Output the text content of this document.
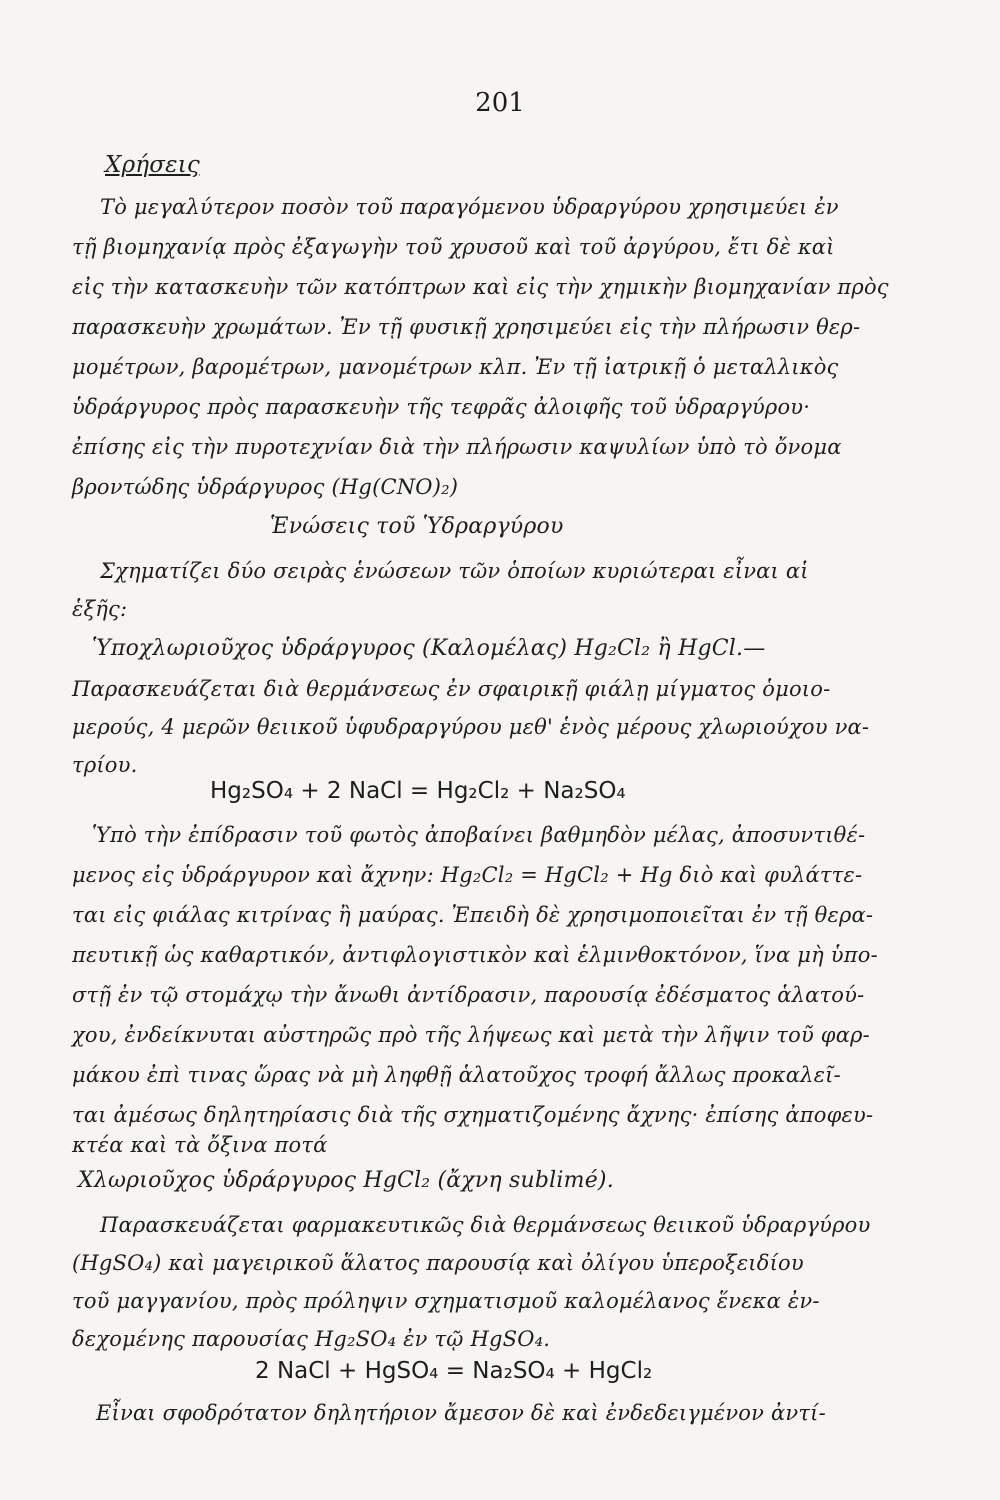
201
Χρήσεις
Τὸ μεγαλύτερον ποσὸν τοῦ παραγόμενου ὑδραργύρου χρησιμεύει ἐν
τῇ βιομηχανίᾳ πρὸς ἐξαγωγὴν τοῦ χρυσοῦ καὶ τοῦ ἀργύρου, ἔτι δὲ καὶ
εἰς τὴν κατασκευὴν τῶν κατόπτρων καὶ εἰς τὴν χημικὴν βιομηχανίαν πρὸς
παρασκευὴν χρωμάτων. Ἐν τῇ φυσικῇ χρησιμεύει εἰς τὴν πλήρωσιν θερ-
μομέτρων, βαρομέτρων, μανομέτρων κλπ. Ἐν τῇ ἰατρικῇ ὁ μεταλλικὸς
ὑδράργυρος πρὸς παρασκευὴν τῆς τεφρᾶς ἀλοιφῆς τοῦ ὑδραργύρου·
ἐπίσης εἰς τὴν πυροτεχνίαν διὰ τὴν πλήρωσιν καψυλίων ὑπὸ τὸ ὄνομα
βροντώδης ὑδράργυρος (Hg(CNO)₂)
Ἑνώσεις τοῦ Ὑδραργύρου
Σχηματίζει δύο σειρὰς ἑνώσεων τῶν ὁποίων κυριώτεραι εἶναι αἱ
ἑξῆς:
Ὑποχλωριοῦχος ὑδράργυρος (Καλομέλας) Hg₂Cl₂ ἢ HgCl.—
Παρασκευάζεται διὰ θερμάνσεως ἐν σφαιρικῇ φιάλῃ μίγματος ὁμοιο-
μερούς, 4 μερῶν θειικοῦ ὑφυδραργύρου μεθ' ἑνὸς μέρους χλωριούχου να-
τρίου.
Hg₂SO₄ + 2 NaCl = Hg₂Cl₂ + Na₂SO₄
Ὑπὸ τὴν ἐπίδρασιν τοῦ φωτὸς ἀποβαίνει βαθμηδὸν μέλας, ἀποσυντιθέ-
μενος εἰς ὑδράργυρον καὶ ἄχνην: Hg₂Cl₂ = HgCl₂ + Hg διὸ καὶ φυλάττε-
ται εἰς φιάλας κιτρίνας ἢ μαύρας. Ἐπειδὴ δὲ χρησιμοποιεῖται ἐν τῇ θερα-
πευτικῇ ὡς καθαρτικόν, ἀντιφλογιστικὸν καὶ ἑλμινθοκτόνον, ἵνα μὴ ὑπο-
στῇ ἐν τῷ στομάχῳ τὴν ἄνωθι ἀντίδρασιν, παρουσίᾳ ἐδέσματος ἁλατού-
χου, ἐνδείκνυται αὐστηρῶς πρὸ τῆς λήψεως καὶ μετὰ τὴν λῆψιν τοῦ φαρ-
μάκου ἐπὶ τινας ὥρας νὰ μὴ ληφθῇ ἁλατοῦχος τροφή ἄλλως προκαλεῖ-
ται ἀμέσως δηλητηρίασις διὰ τῆς σχηματιζομένης ἄχνης· ἐπίσης ἀποφευ-
κτέα καὶ τὰ ὄξινα ποτά
Χλωριοῦχος ὑδράργυρος HgCl₂ (ἄχνη sublimé).
Παρασκευάζεται φαρμακευτικῶς διὰ θερμάνσεως θειικοῦ ὑδραργύρου
(HgSO₄) καὶ μαγειρικοῦ ἅλατος παρουσίᾳ καὶ ὀλίγου ὑπεροξειδίου
τοῦ μαγγανίου, πρὸς πρόληψιν σχηματισμοῦ καλομέλανος ἕνεκα ἐν-
δεχομένης παρουσίας Hg₂SO₄ ἐν τῷ HgSO₄.
2 NaCl + HgSO₄ = Na₂SO₄ + HgCl₂
Εἶναι σφοδρότατον δηλητήριον ἄμεσον δὲ καὶ ἐνδεδειγμένον ἀντί-
